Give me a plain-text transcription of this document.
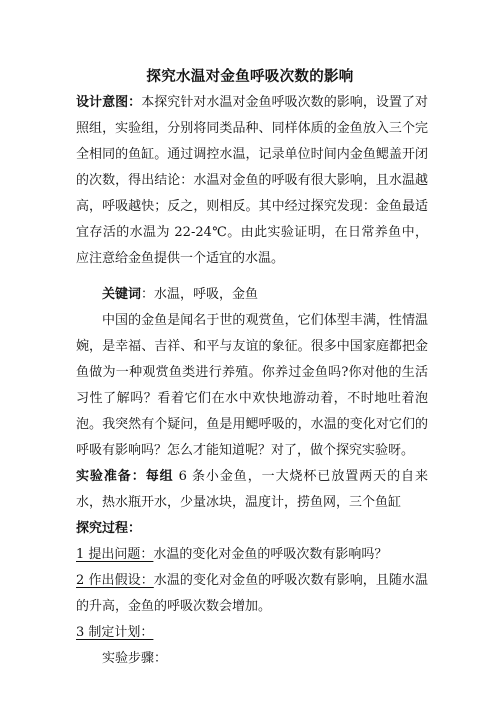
探究水温对金鱼呼吸次数的影响

设计意图：本探究针对水温对金鱼呼吸次数的影响，设置了对照组，实验组，分别将同类品种、同样体质的金鱼放入三个完全相同的鱼缸。通过调控水温，记录单位时间内金鱼鳃盖开闭的次数，得出结论：水温对金鱼的呼吸有很大影响，且水温越高，呼吸越快；反之，则相反。其中经过探究发现：金鱼最适宜存活的水温为 22-24℃。由此实验证明，在日常养鱼中，应注意给金鱼提供一个适宜的水温。

关键词：水温，呼吸，金鱼

中国的金鱼是闻名于世的观赏鱼，它们体型丰满，性情温婉，是幸福、吉祥、和平与友谊的象征。很多中国家庭都把金鱼做为一种观赏鱼类进行养殖。你养过金鱼吗?你对他的生活习性了解吗？看着它们在水中欢快地游动着，不时地吐着泡泡。我突然有个疑问，鱼是用鳃呼吸的，水温的变化对它们的呼吸有影响吗？怎么才能知道呢？对了，做个探究实验呀。

实验准备：每组 6 条小金鱼，一大烧杯已放置两天的自来水，热水瓶开水，少量冰块，温度计，捞鱼网，三个鱼缸

探究过程：

1 提出问题：水温的变化对金鱼的呼吸次数有影响吗？

2 作出假设：水温的变化对金鱼的呼吸次数有影响，且随水温的升高，金鱼的呼吸次数会增加。

3 制定计划：

实验步骤：
